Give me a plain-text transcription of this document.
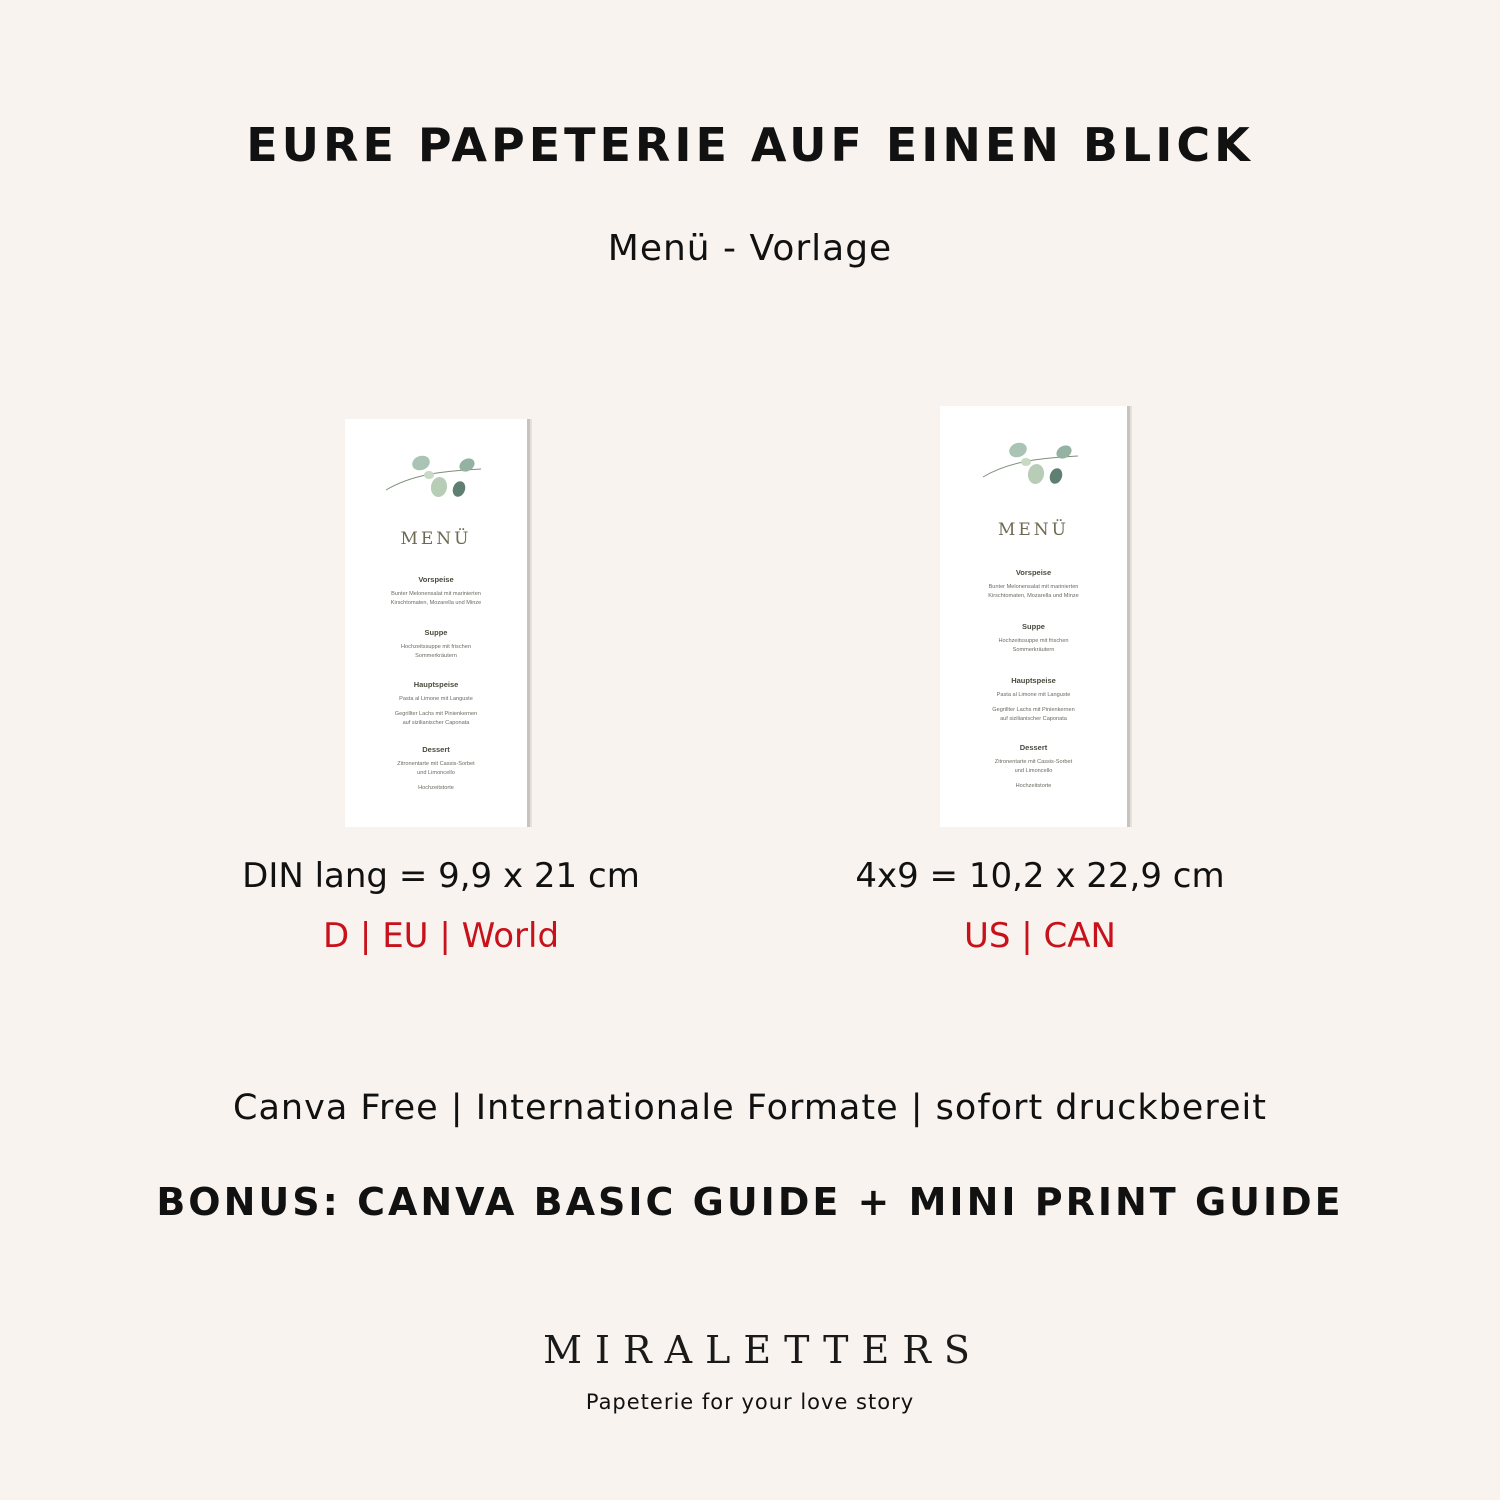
EURE PAPETERIE AUF EINEN BLICK
Menü - Vorlage
MENÜ
Vorspeise
Bunter Melonensalat mit marinierten
Kirschtomaten, Mozarella und Minze
Suppe
Hochzeitssuppe mit frischen
Sommerkräutern
Hauptspeise
Pasta al Limone mit Languste
Gegrillter Lachs mit Pinienkernen
auf sizilianischer Caponata
Dessert
Zitronentarte mit Cassis-Sorbet
und Limoncello
Hochzeitstorte
MENÜ
Vorspeise
Bunter Melonensalat mit marinierten
Kirschtomaten, Mozarella und Minze
Suppe
Hochzeitssuppe mit frischen
Sommerkräutern
Hauptspeise
Pasta al Limone mit Languste
Gegrillter Lachs mit Pinienkernen
auf sizilianischer Caponata
Dessert
Zitronentarte mit Cassis-Sorbet
und Limoncello
Hochzeitstorte
DIN lang = 9,9 x 21 cm
D | EU | World
4x9 = 10,2 x 22,9 cm
US | CAN
Canva Free | Internationale Formate | sofort druckbereit
BONUS: CANVA BASIC GUIDE + MINI PRINT GUIDE
MIRALETTERS
Papeterie for your love story
